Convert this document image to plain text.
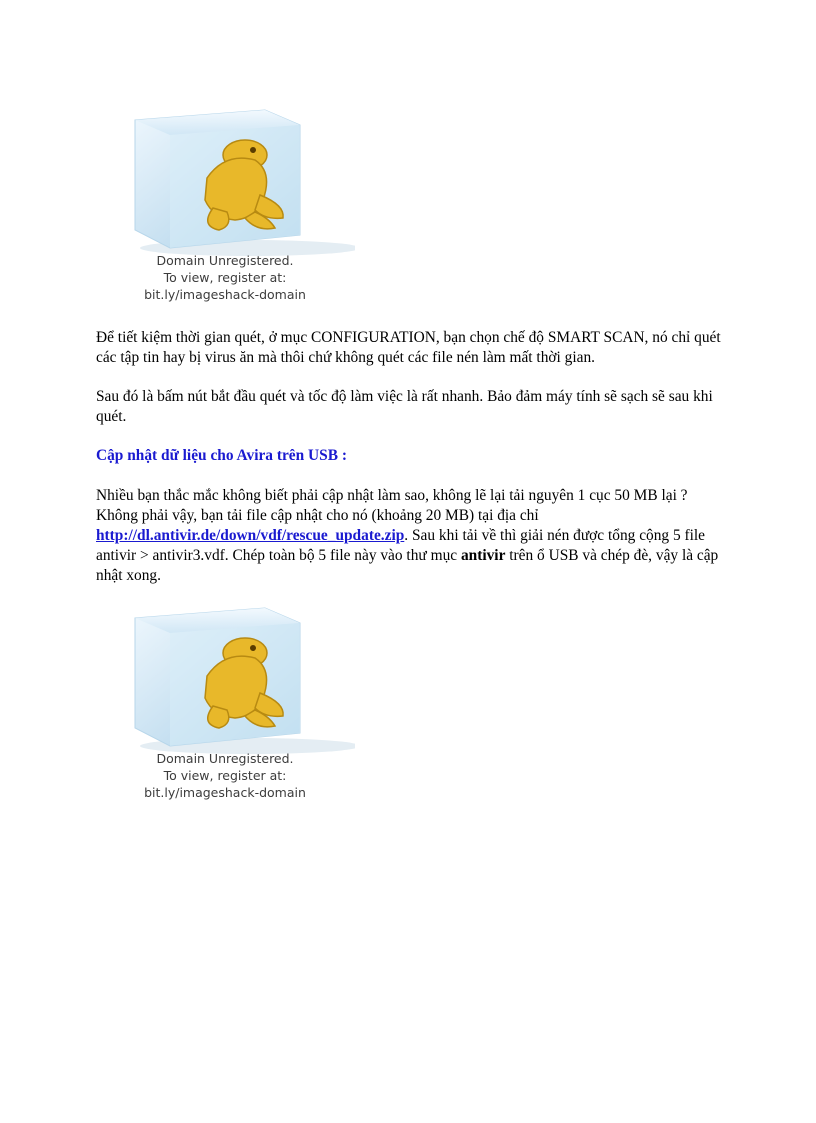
Domain Unregistered.
To view, register at:
bit.ly/imageshack-domain

Để tiết kiệm thời gian quét, ở mục CONFIGURATION, bạn chọn chế độ SMART SCAN, nó chỉ quét các tập tin hay bị virus ăn mà thôi chứ không quét các file nén làm mất thời gian.

Sau đó là bấm nút bắt đầu quét và tốc độ làm việc là rất nhanh. Bảo đảm máy tính sẽ sạch sẽ sau khi quét.

Cập nhật dữ liệu cho Avira trên USB :

Nhiều bạn thắc mắc không biết phải cập nhật làm sao, không lẽ lại tải nguyên 1 cục 50 MB lại ? Không phải vậy, bạn tải file cập nhật cho nó (khoảng 20 MB) tại địa chỉ http://dl.antivir.de/down/vdf/rescue_update.zip. Sau khi tải về thì giải nén được tổng cộng 5 file antivir > antivir3.vdf. Chép toàn bộ 5 file này vào thư mục antivir trên ổ USB và chép đè, vậy là cập nhật xong.

Domain Unregistered.
To view, register at:
bit.ly/imageshack-domain
